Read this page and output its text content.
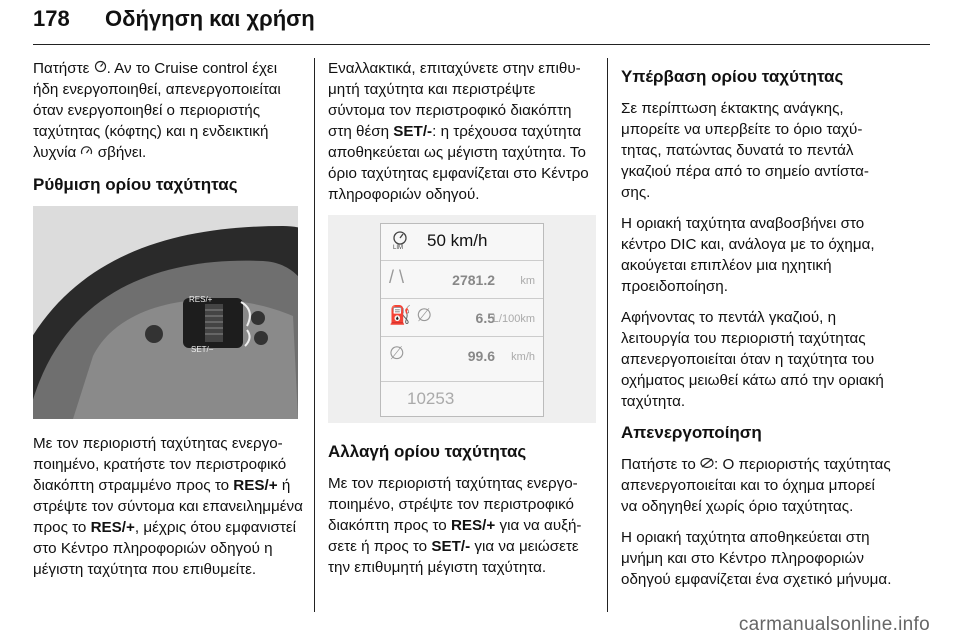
178 Οδήγηση και χρήση

Πατήστε . Αν το Cruise control έχει ήδη ενεργοποιηθεί, απενεργοποιείται όταν ενεργοποιηθεί ο περιοριστής ταχύτητας (κόφτης) και η ενδεικτική λυχνία  σβήνει.

Ρύθμιση ορίου ταχύτητας
RES/+
SET/−

Με τον περιοριστή ταχύτητας ενεργοποιημένο, κρατήστε τον περιστροφικό διακόπτη στραμμένο προς το RES/+ ή στρέψτε τον σύντομα και επανειλημμένα προς το RES/+, μέχρις ότου εμφανιστεί στο Κέντρο πληροφοριών οδηγού η μέγιστη ταχύτητα που επιθυμείτε.

Εναλλακτικά, επιταχύνετε στην επιθυμητή ταχύτητα και περιστρέψτε σύντομα τον περιστροφικό διακόπτη στη θέση SET/-: η τρέχουσα ταχύτητα αποθηκεύεται ως μέγιστη ταχύτητα. Το όριο ταχύτητας εμφανίζεται στο Κέντρο πληροφοριών οδηγού.

LIM 50 km/h
/ \	2781.2 km
⛽ ∅	6.5
L/100km
∅	99.6 km/h
10253
Αλλαγή ορίου ταχύτητας

Με τον περιοριστή ταχύτητας ενεργοποιημένο, στρέψτε τον περιστροφικό διακόπτη προς το RES/+ για να αυξήσετε ή προς το SET/- για να μειώσετε την επιθυμητή μέγιστη ταχύτητα.

Υπέρβαση ορίου ταχύτητας

Σε περίπτωση έκτακτης ανάγκης, μπορείτε να υπερβείτε το όριο ταχύτητας, πατώντας δυνατά το πεντάλ γκαζιού πέρα από το σημείο αντίστασης.

Η οριακή ταχύτητα αναβοσβήνει στο κέντρο DIC και, ανάλογα με το όχημα, ακούγεται επιπλέον μια ηχητική προειδοποίηση.

Αφήνοντας το πεντάλ γκαζιού, η λειτουργία του περιοριστή ταχύτητας απενεργοποιείται όταν η ταχύτητα του οχήματος μειωθεί κάτω από την οριακή ταχύτητα.

Απενεργοποίηση

Πατήστε το : Ο περιοριστής ταχύτητας απενεργοποιείται και το όχημα μπορεί να οδηγηθεί χωρίς όριο ταχύτητας.

Η οριακή ταχύτητα αποθηκεύεται στη μνήμη και στο Κέντρο πληροφοριών οδηγού εμφανίζεται ένα σχετικό μήνυμα.

carmanualsonline.info
